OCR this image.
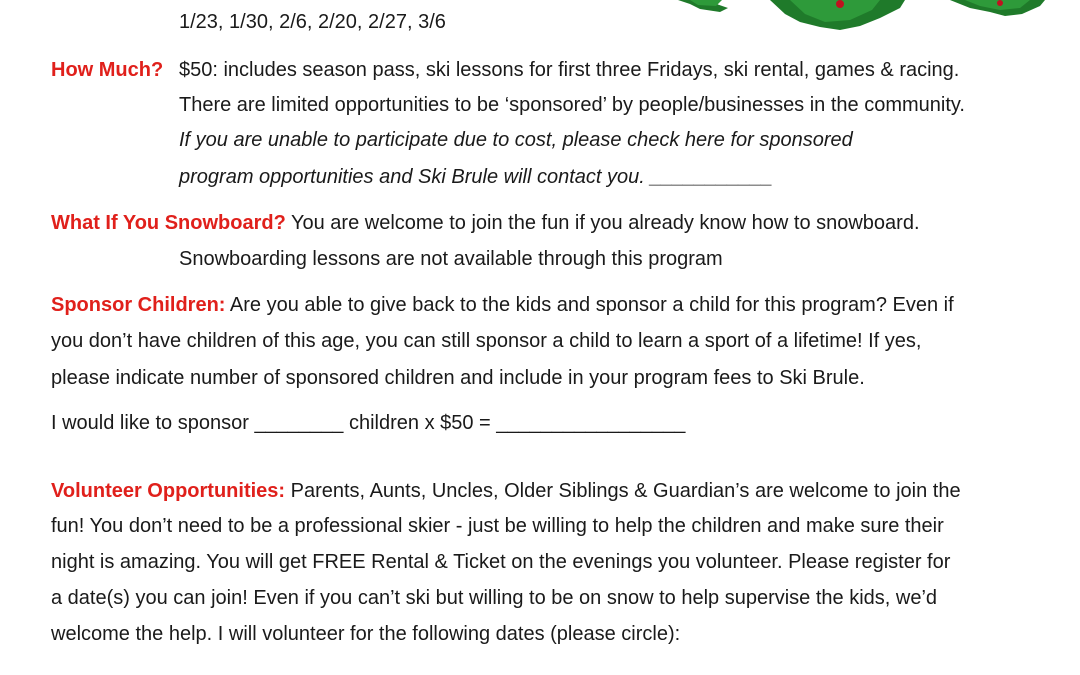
1/23, 1/30, 2/6, 2/20, 2/27, 3/6
How Much? $50: includes season pass, ski lessons for first three Fridays, ski rental, games & racing.
There are limited opportunities to be ‘sponsored’ by people/businesses in the community.
If you are unable to participate due to cost, please check here for sponsored
program opportunities and Ski Brule will contact you. ___________
What If You Snowboard? You are welcome to join the fun if you already know how to snowboard.
Snowboarding lessons are not available through this program
Sponsor Children: Are you able to give back to the kids and sponsor a child for this program? Even if
you don’t have children of this age, you can still sponsor a child to learn a sport of a lifetime! If yes,
please indicate number of sponsored children and include in your program fees to Ski Brule.
I would like to sponsor ________ children x $50 = _________________
Volunteer Opportunities: Parents, Aunts, Uncles, Older Siblings & Guardian’s are welcome to join the
fun! You don’t need to be a professional skier - just be willing to help the children and make sure their
night is amazing. You will get FREE Rental & Ticket on the evenings you volunteer. Please register for
a date(s) you can join! Even if you can’t ski but willing to be on snow to help supervise the kids, we’d
welcome the help. I will volunteer for the following dates (please circle):
